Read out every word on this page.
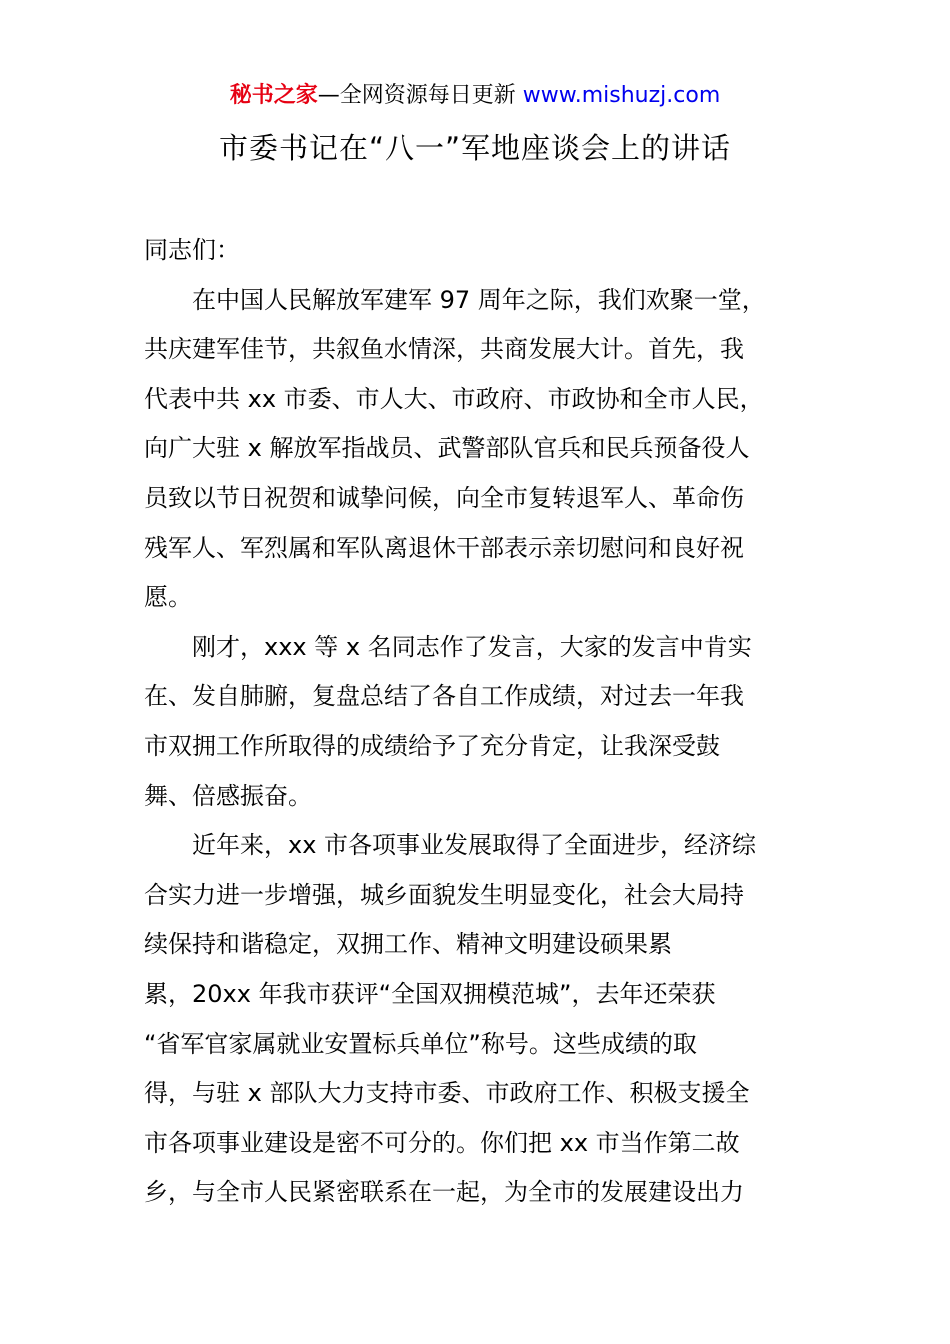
秘书之家—全网资源每日更新 www.mishuzj.com
市委书记在“八一”军地座谈会上的讲话
同志们：
在中国人民解放军建军 97 周年之际，我们欢聚一堂，
共庆建军佳节，共叙鱼水情深，共商发展大计。首先，我
代表中共 xx 市委、市人大、市政府、市政协和全市人民，
向广大驻 x 解放军指战员、武警部队官兵和民兵预备役人
员致以节日祝贺和诚挚问候，向全市复转退军人、革命伤
残军人、军烈属和军队离退休干部表示亲切慰问和良好祝
愿。
刚才，xxx 等 x 名同志作了发言，大家的发言中肯实
在、发自肺腑，复盘总结了各自工作成绩，对过去一年我
市双拥工作所取得的成绩给予了充分肯定，让我深受鼓
舞、倍感振奋。
近年来，xx 市各项事业发展取得了全面进步，经济综
合实力进一步增强，城乡面貌发生明显变化，社会大局持
续保持和谐稳定，双拥工作、精神文明建设硕果累
累，20xx 年我市获评“全国双拥模范城”，去年还荣获
“省军官家属就业安置标兵单位”称号。这些成绩的取
得，与驻 x 部队大力支持市委、市政府工作、积极支援全
市各项事业建设是密不可分的。你们把 xx 市当作第二故
乡，与全市人民紧密联系在一起，为全市的发展建设出力
